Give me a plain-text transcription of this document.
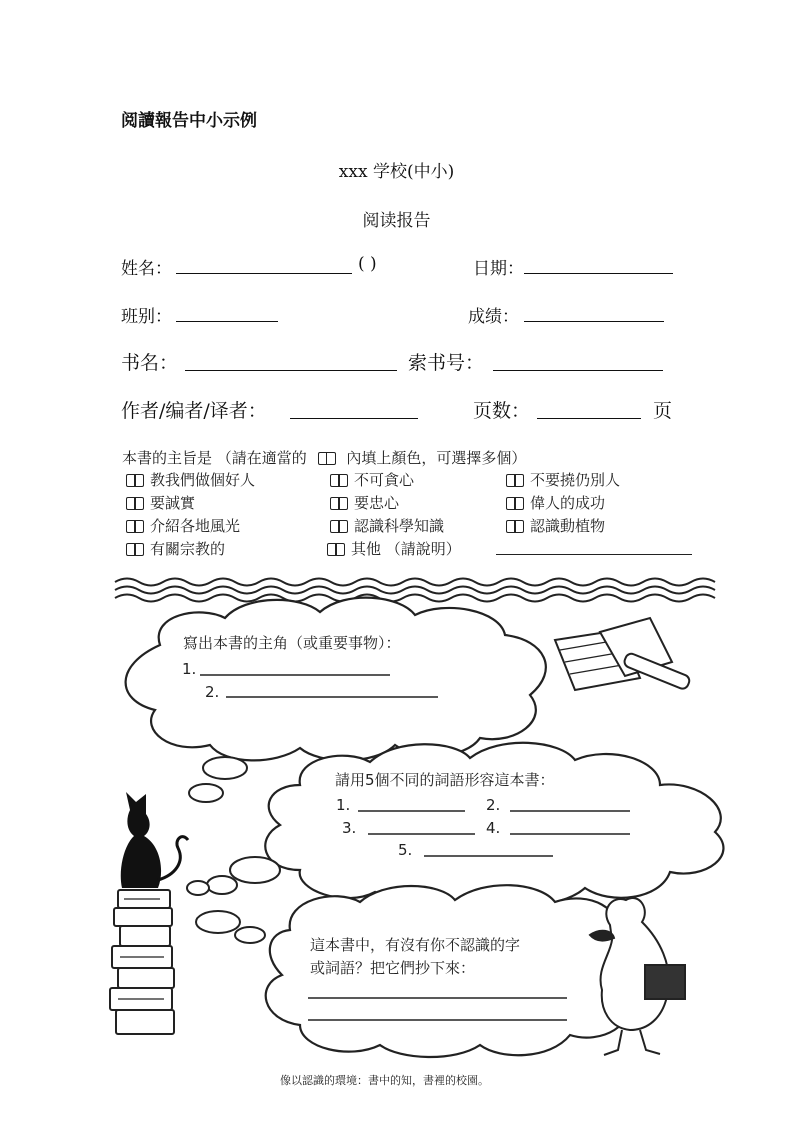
阅讀報告中小示例
xxx 学校(中小)
阅读报告
姓名：	( )	日期：
班别：	成绩：
书名：	索书号：
作者/编者/译者：	页数：	页
本書的主旨是 （請在適當的	內填上顏色，可選擇多個）
教我們做個好人	不可貪心	不要撓仍別人
要誠實	要忠心	偉人的成功
介紹各地風光	認識科學知識	認識動植物
有關宗教的	其他 （請說明）
寫出本書的主角（或重要事物）：
1.
2.
請用5個不同的詞語形容這本書：
1.	2.
3.	4.
5.
這本書中，有沒有你不認識的字
或詞語？把它們抄下來：
像以認識的環境：書中的知，書裡的校園。
